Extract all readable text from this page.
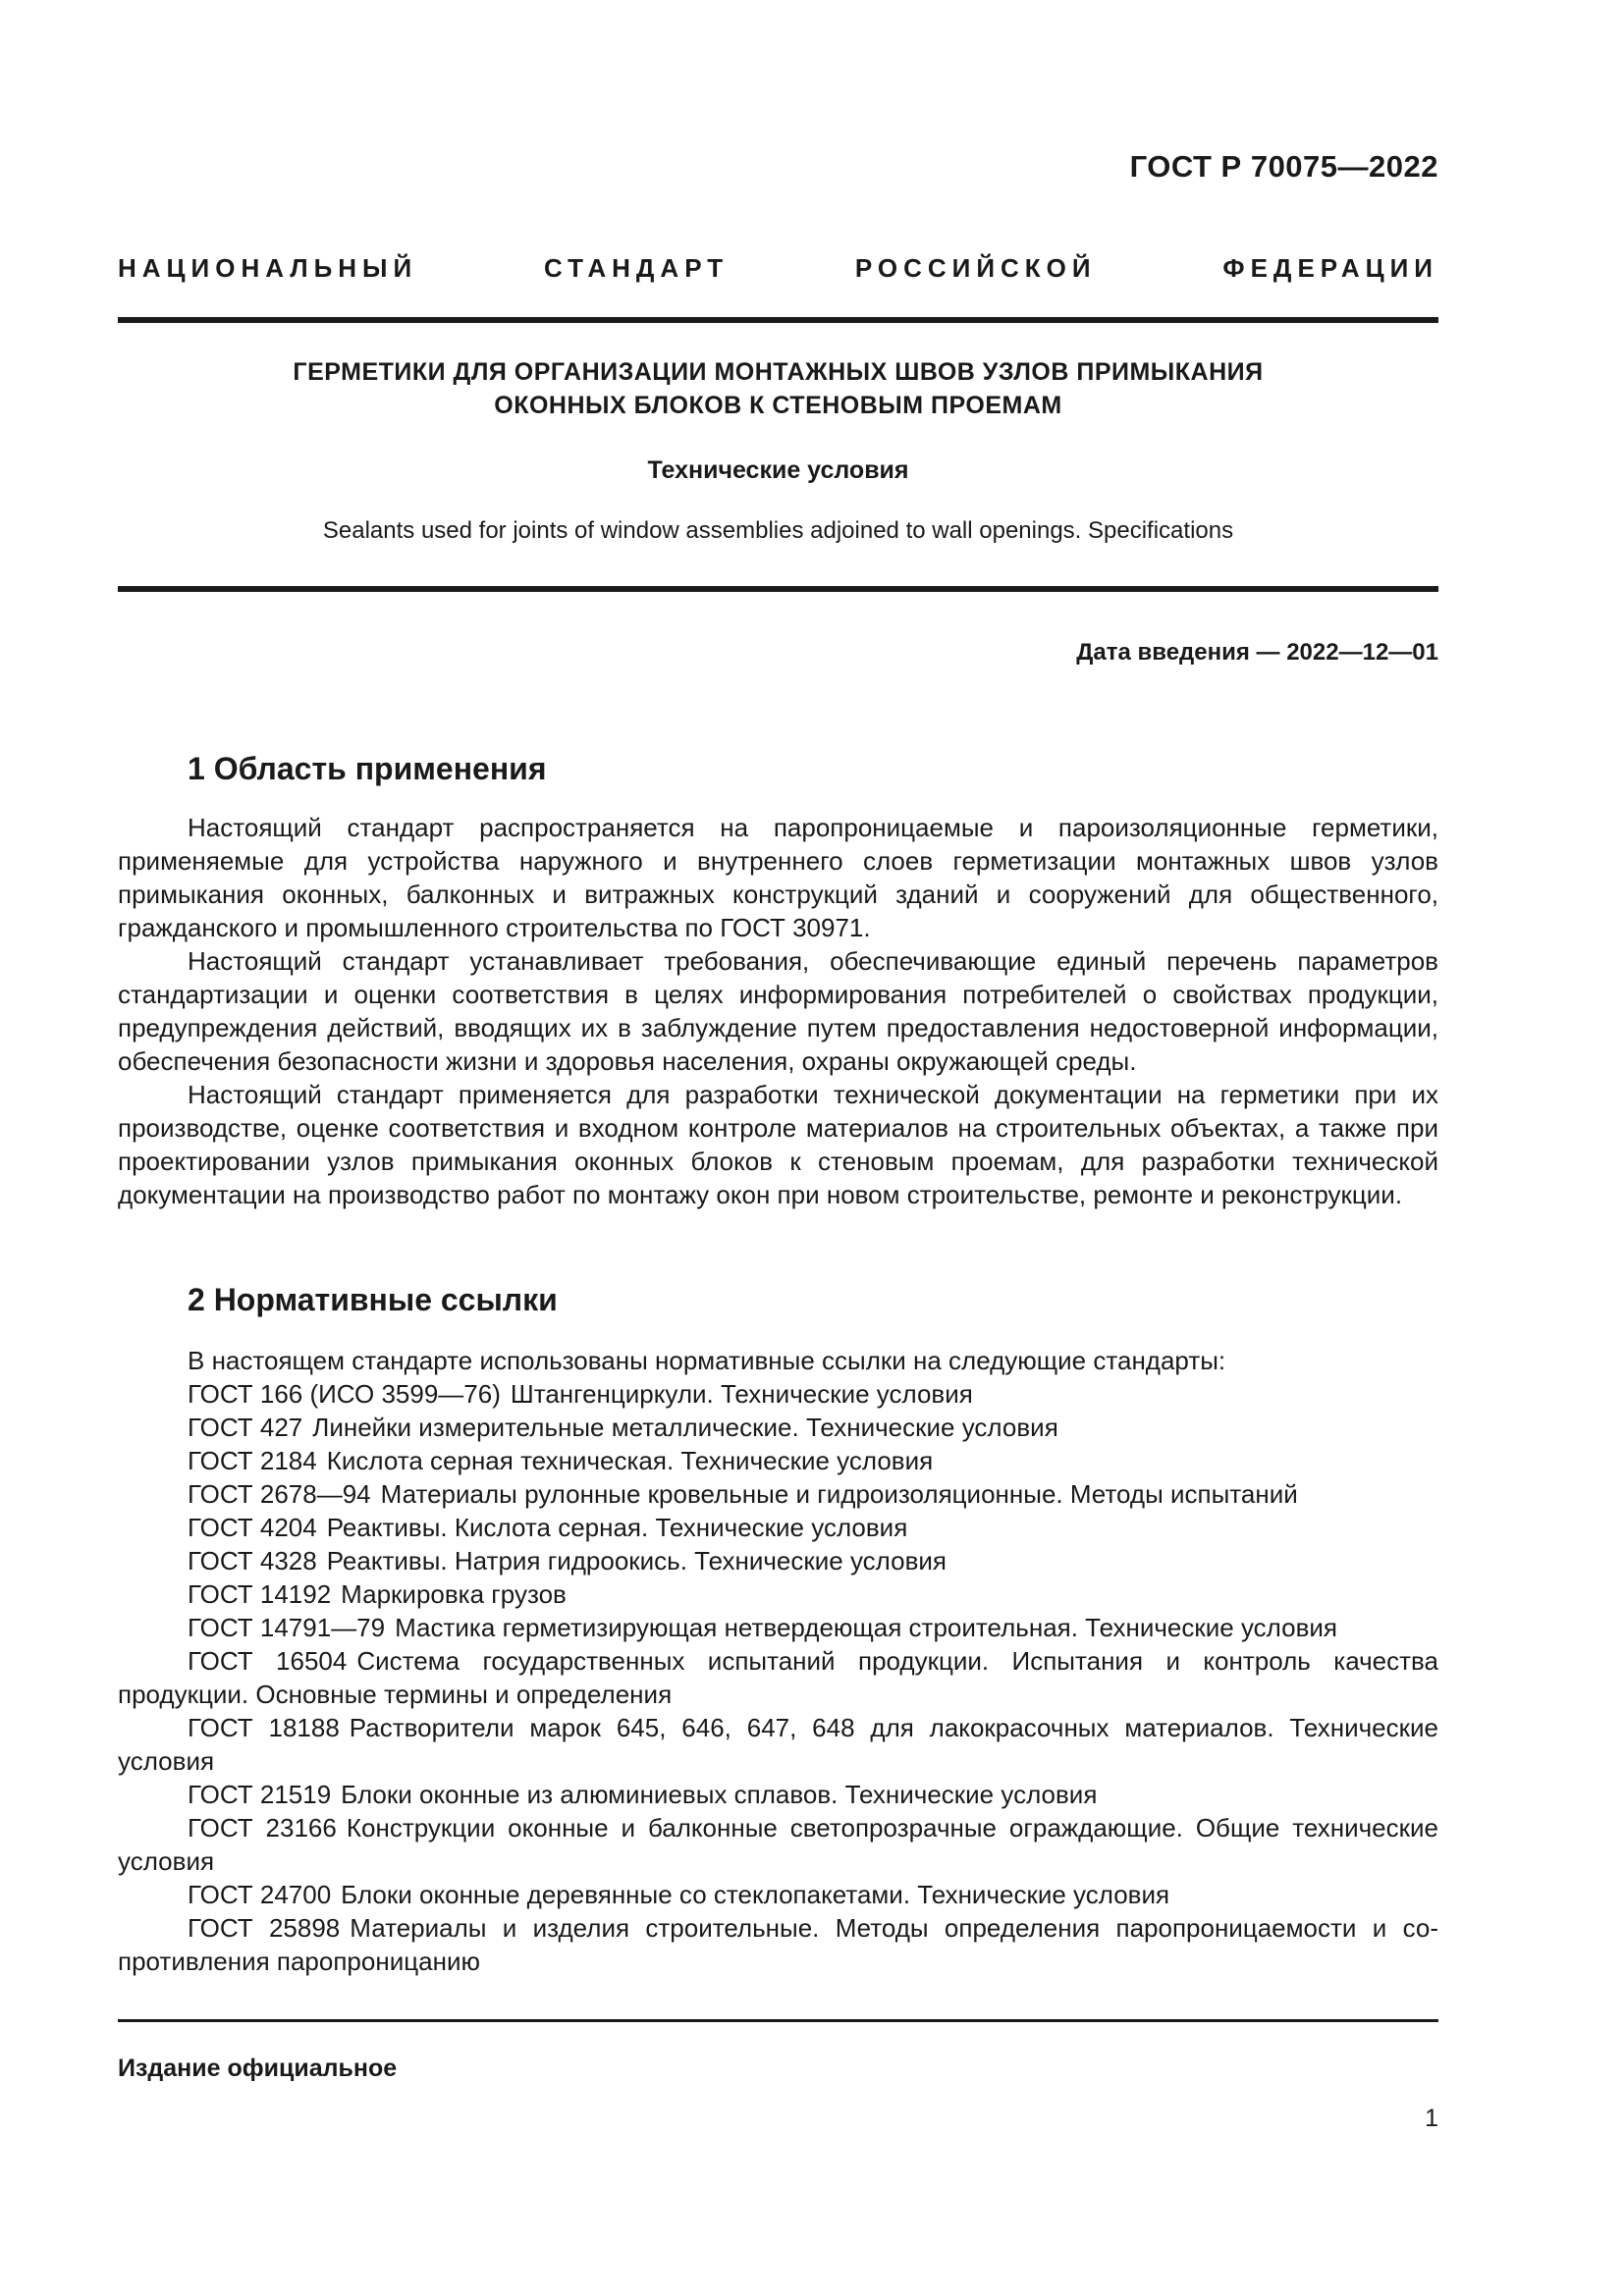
ГОСТ Р 70075—2022
НАЦИОНАЛЬНЫЙ СТАНДАРТ РОССИЙСКОЙ ФЕДЕРАЦИИ
ГЕРМЕТИКИ ДЛЯ ОРГАНИЗАЦИИ МОНТАЖНЫХ ШВОВ УЗЛОВ ПРИМЫКАНИЯ
ОКОННЫХ БЛОКОВ К СТЕНОВЫМ ПРОЕМАМ
Технические условия
Sealants used for joints of window assemblies adjoined to wall openings. Specifications
Дата введения — 2022—12—01
1 Область применения

Настоящий стандарт распространяется на паропроницаемые и пароизоляционные герметики, применяемые для устройства наружного и внутреннего слоев герметизации монтажных швов узлов примыкания оконных, балконных и витражных конструкций зданий и сооружений для общественного, гражданского и промышленного строительства по ГОСТ 30971.

Настоящий стандарт устанавливает требования, обеспечивающие единый перечень параметров стандартизации и оценки соответствия в целях информирования потребителей о свойствах продукции, предупреждения действий, вводящих их в заблуждение путем предоставления недостоверной информации, обеспечения безопасности жизни и здоровья населения, охраны окружающей среды.

Настоящий стандарт применяется для разработки технической документации на герметики при их производстве, оценке соответствия и входном контроле материалов на строительных объектах, а также при проектировании узлов примыкания оконных блоков к стеновым проемам, для разработки технической документации на производство работ по монтажу окон при новом строительстве, ремонте и реконструкции.

2 Нормативные ссылки

В настоящем стандарте использованы нормативные ссылки на следующие стандарты:

ГОСТ 166 (ИСО 3599—76) Штангенциркули. Технические условия

ГОСТ 427 Линейки измерительные металлические. Технические условия

ГОСТ 2184 Кислота серная техническая. Технические условия

ГОСТ 2678—94 Материалы рулонные кровельные и гидроизоляционные. Методы испытаний

ГОСТ 4204 Реактивы. Кислота серная. Технические условия

ГОСТ 4328 Реактивы. Натрия гидроокись. Технические условия

ГОСТ 14192 Маркировка грузов

ГОСТ 14791—79 Мастика герметизирующая нетвердеющая строительная. Технические условия

ГОСТ 16504 Система государственных испытаний продукции. Испытания и контроль качества продукции. Основные термины и определения

ГОСТ 18188 Растворители марок 645, 646, 647, 648 для лакокрасочных материалов. Технические условия

ГОСТ 21519 Блоки оконные из алюминиевых сплавов. Технические условия

ГОСТ 23166 Конструкции оконные и балконные светопрозрачные ограждающие. Общие технические условия

ГОСТ 24700 Блоки оконные деревянные со стеклопакетами. Технические условия

ГОСТ 25898 Материалы и изделия строительные. Методы определения паропроницаемости и сопротивления паропроницанию

Издание официальное
1
